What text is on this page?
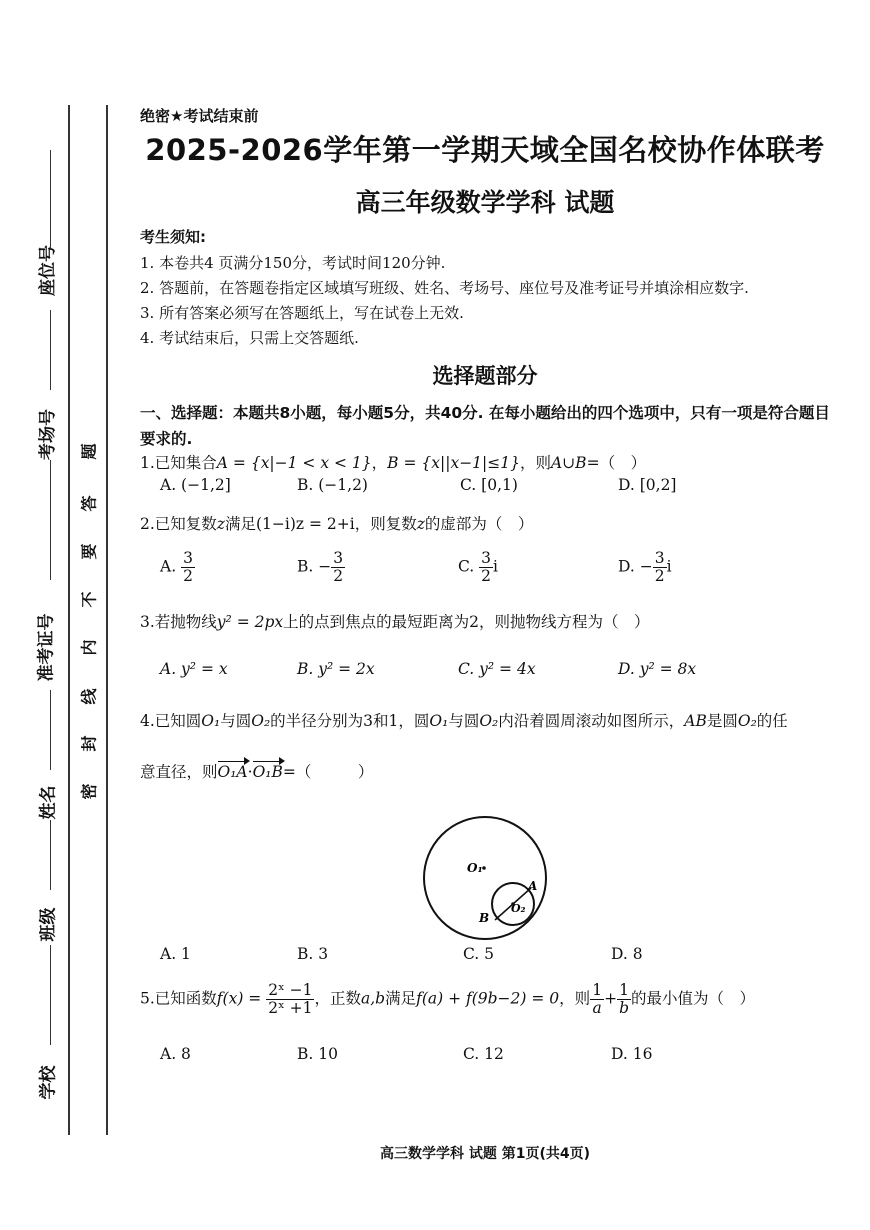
座位号
考场号
准考证号
姓名
班级
学校
题
答
要
不
内
线
封
密
绝密★考试结束前
2025-2026学年第一学期天域全国名校协作体联考
高三年级数学学科 试题
考生须知:
1. 本卷共4 页满分150分，考试时间120分钟.
2. 答题前，在答题卷指定区域填写班级、姓名、考场号、座位号及准考证号并填涂相应数字.
3. 所有答案必须写在答题纸上，写在试卷上无效.
4. 考试结束后，只需上交答题纸.
选择题部分
一、选择题：本题共8小题，每小题5分，共40分. 在每小题给出的四个选项中，只有一项是符合题目要求的.
1.已知集合A = {x|−1 < x < 1}，B = {x||x−1|≤1}，则A∪B=（　）
A. (−1,2]	B. (−1,2)	C. [0,1)	D. [0,2]
2.已知复数z满足(1−i)z = 2+i，则复数z的虚部为（　）
A. $\frac{3}{2}$	B. − $\frac{3}{2}$	C. $\frac{3}{2}$ i	D. − $\frac{3}{2}$ i
3.若抛物线y² = 2px上的点到焦点的最短距离为2，则抛物线方程为（　）
A. y² = x	B. y² = 2x	C. y² = 4x	D. y² = 8x
4.已知圆O₁与圆O₂的半径分别为3和1，圆O₁与圆O₂内沿着圆周滚动如图所示，AB是圆O₂的任
意直径，则O₁A·O₁B=（　　　）
O₁
O₂
A
B
A. 1	B. 3	C. 5	D. 8
5.已知函数$f(x) = \frac{\text{2ˣ −1}}{\text{2ˣ +1}}$ ，正数a,b满足f(a) + f(9b−2) = 0，则 $\frac{1}{a} + \frac{1}{b}$ 的最小值为（　）
A. 8	B. 10	C. 12	D. 16
高三数学学科 试题 第1页(共4页)
